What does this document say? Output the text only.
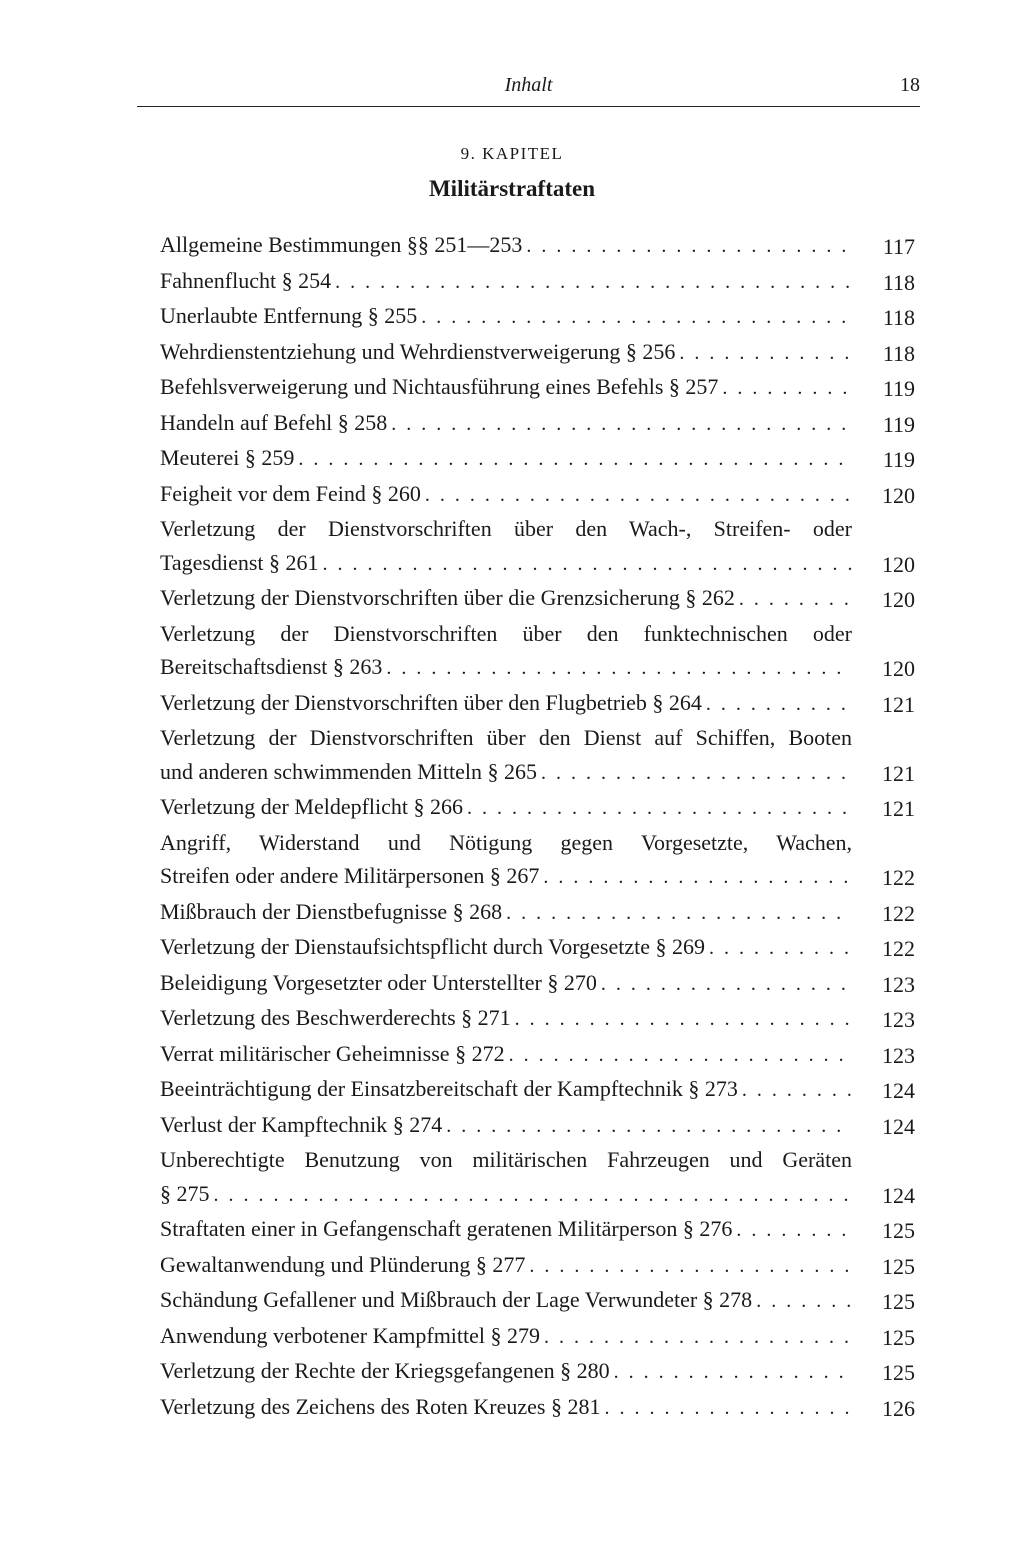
Inhalt	18
9. KAPITEL
Militärstraftaten
Allgemeine Bestimmungen §§ 251—253 . . .	117
Fahnenflucht § 254 . . .	118
Unerlaubte Entfernung § 255 . . .	118
Wehrdienstentziehung und Wehrdienstverweigerung § 256 . . .	118
Befehlsverweigerung und Nichtausführung eines Befehls § 257 . . .	119
Handeln auf Befehl § 258 . . .	119
Meuterei § 259 . . .	119
Feigheit vor dem Feind § 260 . . .	120
Verletzung der Dienstvorschriften über den Wach-, Streifen- oder
Tagesdienst § 261 . . .	120
Verletzung der Dienstvorschriften über die Grenzsicherung § 262 . . .	120
Verletzung der Dienstvorschriften über den funktechnischen oder
Bereitschaftsdienst § 263 . . .	120
Verletzung der Dienstvorschriften über den Flugbetrieb § 264 . . .	121
Verletzung der Dienstvorschriften über den Dienst auf Schiffen, Booten
und anderen schwimmenden Mitteln § 265 . . .	121
Verletzung der Meldepflicht § 266 . . .	121
Angriff, Widerstand und Nötigung gegen Vorgesetzte, Wachen,
Streifen oder andere Militärpersonen § 267 . . .	122
Mißbrauch der Dienstbefugnisse § 268 . . .	122
Verletzung der Dienstaufsichtspflicht durch Vorgesetzte § 269 . . .	122
Beleidigung Vorgesetzter oder Unterstellter § 270 . . .	123
Verletzung des Beschwerderechts § 271 . . .	123
Verrat militärischer Geheimnisse § 272 . . .	123
Beeinträchtigung der Einsatzbereitschaft der Kampftechnik § 273 . . .	124
Verlust der Kampftechnik § 274 . . .	124
Unberechtigte Benutzung von militärischen Fahrzeugen und Geräten
§ 275 . . .	124
Straftaten einer in Gefangenschaft geratenen Militärperson § 276 . . .	125
Gewaltanwendung und Plünderung § 277 . . .	125
Schändung Gefallener und Mißbrauch der Lage Verwundeter § 278 . . .	125
Anwendung verbotener Kampfmittel § 279 . . .	125
Verletzung der Rechte der Kriegsgefangenen § 280 . . .	125
Verletzung des Zeichens des Roten Kreuzes § 281 . . .	126
